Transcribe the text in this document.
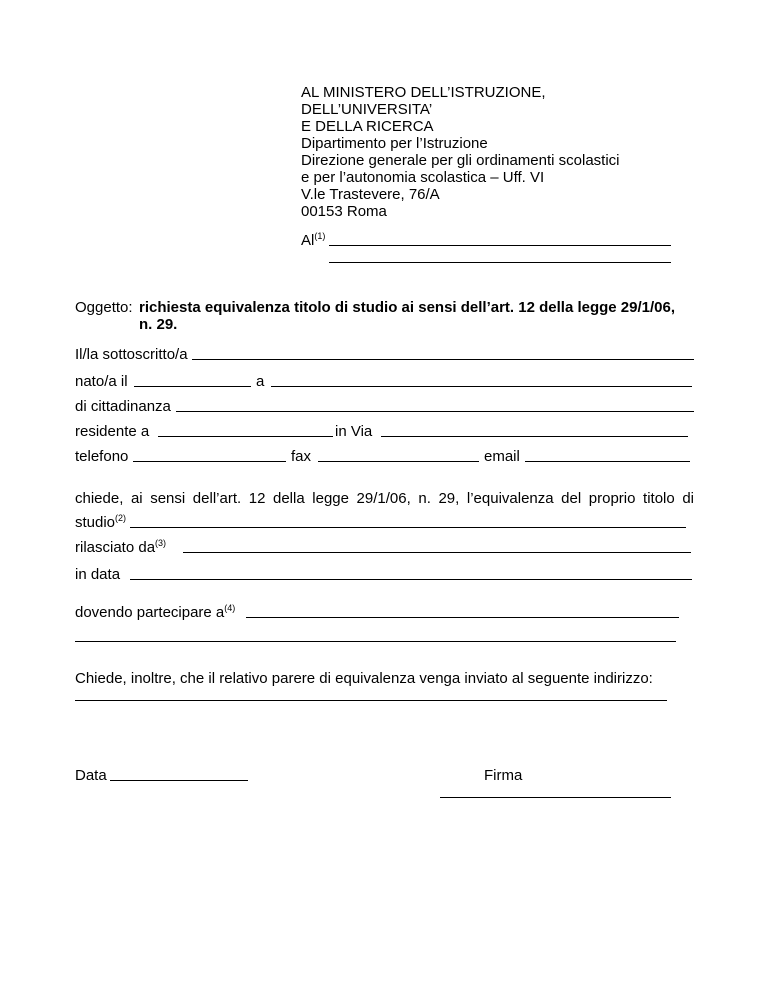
AL MINISTERO DELL’ISTRUZIONE,
DELL’UNIVERSITA’
E DELLA RICERCA
Dipartimento per l’Istruzione
Direzione generale per gli ordinamenti scolastici
e per l’autonomia scolastica – Uff. VI
V.le Trastevere, 76/A
00153 Roma
Al$^{(1)}$
Oggetto: richiesta equivalenza titolo di studio ai sensi dell’art. 12 della legge 29/1/06,
n. 29.
Il/la sottoscritto/a
nato/a il	a
di cittadinanza
residente a	in Via
telefono	fax	email
chiede, ai sensi dell’art. 12 della legge 29/1/06, n. 29, l’equivalenza del proprio titolo di
studio$^{(2)}$
rilasciato $da^{(3)}$
in data
dovendo partecipare $a^{(4)}$
Chiede, inoltre, che il relativo parere di equivalenza venga inviato al seguente indirizzo:
Data	Firma
